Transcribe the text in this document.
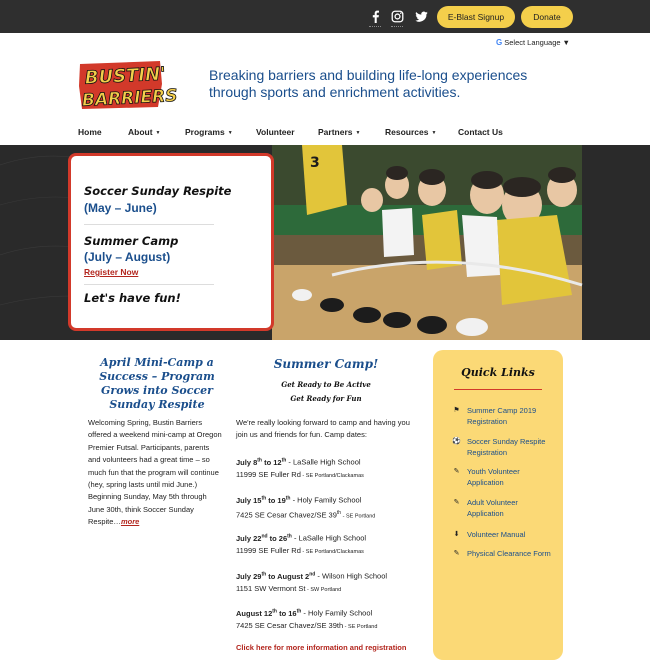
E-Blast Signup	Donate
G Select Language ▼
BUSTIN'
BARRIERS
Breaking barriers and building life-long experiences through sports and enrichment activities.
Home	About ▼	Programs ▼	Volunteer	Partners ▼	Resources ▼	Contact Us
3
Soccer Sunday Respite
(May – June)
Summer Camp
(July – August)
Register Now
Let's have fun!
April Mini-Camp a Success – Program Grows into Soccer Sunday Respite
Welcoming Spring, Bustin Barriers offered a weekend mini-camp at Oregon Premier Futsal. Participants, parents and volunteers had a great time – so much fun that the program will continue (hey, spring lasts until mid June.) Beginning Sunday, May 5th through June 30th, think Soccer Sunday Respite…more
Summer Camp!
Get Ready to Be Active
Get Ready for Fun
We're really looking forward to camp and having you join us and friends for fun. Camp dates:
July 8th to 12th - LaSalle High School
11999 SE Fuller Rd - SE Portland/Clackamas
July 15th to 19th - Holy Family School
7425 SE Cesar Chavez/SE 39th - SE Portland
July 22nd to 26th - LaSalle High School
11999 SE Fuller Rd - SE Portland/Clackamas
July 29th to August 2nd - Wilson High School
1151 SW Vermont St - SW Portland
August 12th to 16th - Holy Family School
7425 SE Cesar Chavez/SE 39th - SE Portland
Click here for more information and registration
Quick Links
⚑ Summer Camp 2019 Registration
⚽ Soccer Sunday Respite Registration
✎ Youth Volunteer Application
✎ Adult Volunteer Application
⬇ Volunteer Manual
✎ Physical Clearance Form
